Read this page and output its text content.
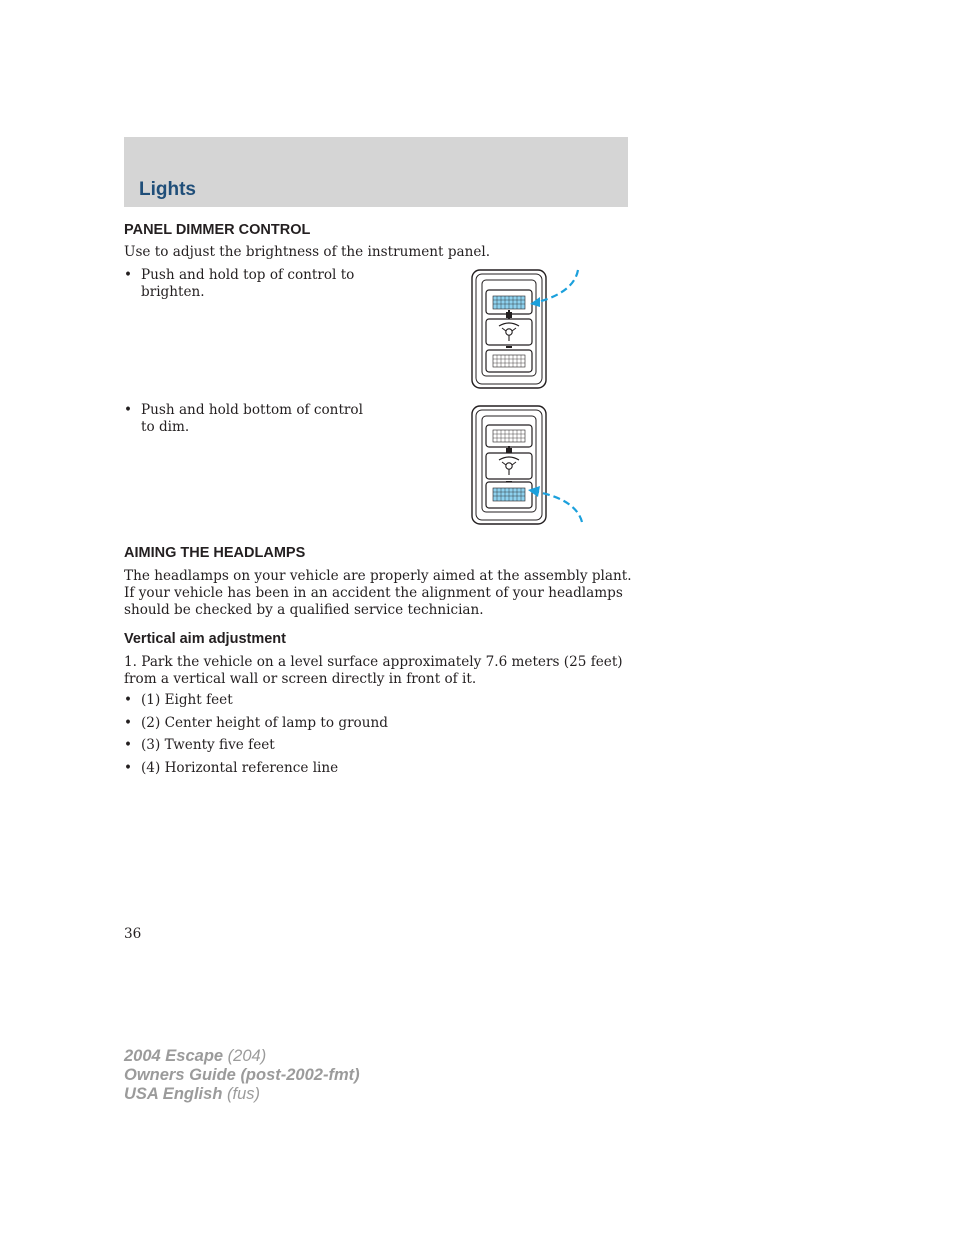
Lights
PANEL DIMMER CONTROL
Use to adjust the brightness of the instrument panel.
• Push and hold top of control to
brighten.
• Push and hold bottom of control
to dim.
AIMING THE HEADLAMPS
The headlamps on your vehicle are properly aimed at the assembly plant.
If your vehicle has been in an accident the alignment of your headlamps
should be checked by a qualified service technician.
Vertical aim adjustment
1. Park the vehicle on a level surface approximately 7.6 meters (25 feet)
from a vertical wall or screen directly in front of it.
• (1) Eight feet
• (2) Center height of lamp to ground
• (3) Twenty five feet
• (4) Horizontal reference line
36
2004 Escape (204)
Owners Guide (post-2002-fmt)
USA English (fus)
